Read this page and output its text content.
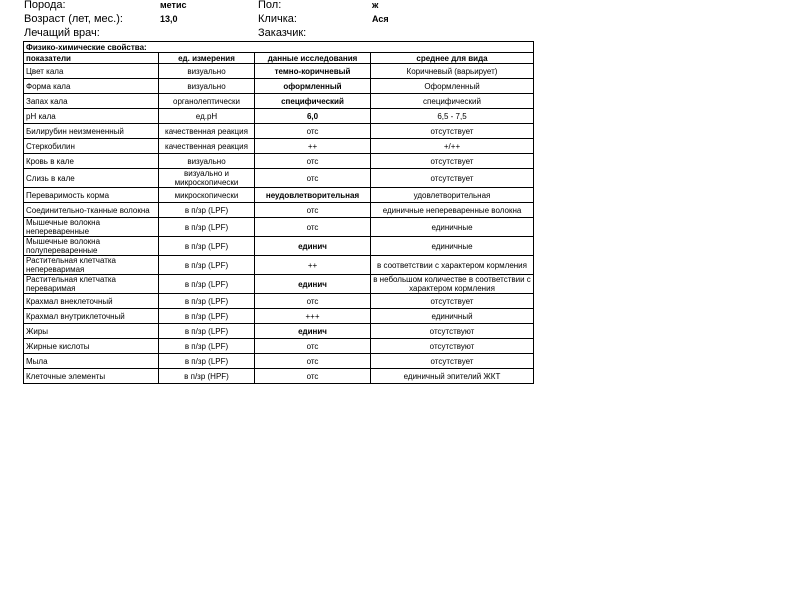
Порода:	метис	Пол:	ж
Возраст (лет, мес.):	13,0	Кличка:	Ася
Лечащий врач:	Заказчик:
Физико-химические свойства:			
показатели	ед. измерения	данные исследования	среднее для вида
Цвет кала	визуально	темно-коричневый	Коричневый (варьирует)
Форма кала	визуально	оформленный	Оформленный
Запах кала	органолептически	специфический	специфический
pH кала	ед.pH	6,0	6,5 - 7,5
Билирубин неизмененный	качественная реакция	отс	отсутствует
Стеркобилин	качественная реакция	++	+/++
Кровь в кале	визуально	отс	отсутствует
Слизь в кале	визуально и микроскопически	отс	отсутствует
Переваримость корма	микроскопически	неудовлетворительная	удовлетворительная
Соединительно-тканные волокна	в п/зр (LPF)	отс	единичные непереваренные волокна
Мышечные волокна непереваренные	в п/зр (LPF)	отс	единичные
Мышечные волокна полупереваренные	в п/зр (LPF)	единич	единичные
Растительная клетчатка непереваримая	в п/зр (LPF)	++	в соответствии с характером кормления
Растительная клетчатка переваримая	в п/зр (LPF)	единич	в небольшом количестве в соответствии с характером кормления
Крахмал внеклеточный	в п/зр (LPF)	отс	отсутствует
Крахмал внутриклеточный	в п/зр (LPF)	+++	единичный
Жиры	в п/зр (LPF)	единич	отсутствуют
Жирные кислоты	в п/зр (LPF)	отс	отсутствуют
Мыла	в п/зр (LPF)	отс	отсутствует
Клеточные элементы	в п/зр (HPF)	отс	единичный эпителий ЖКТ
